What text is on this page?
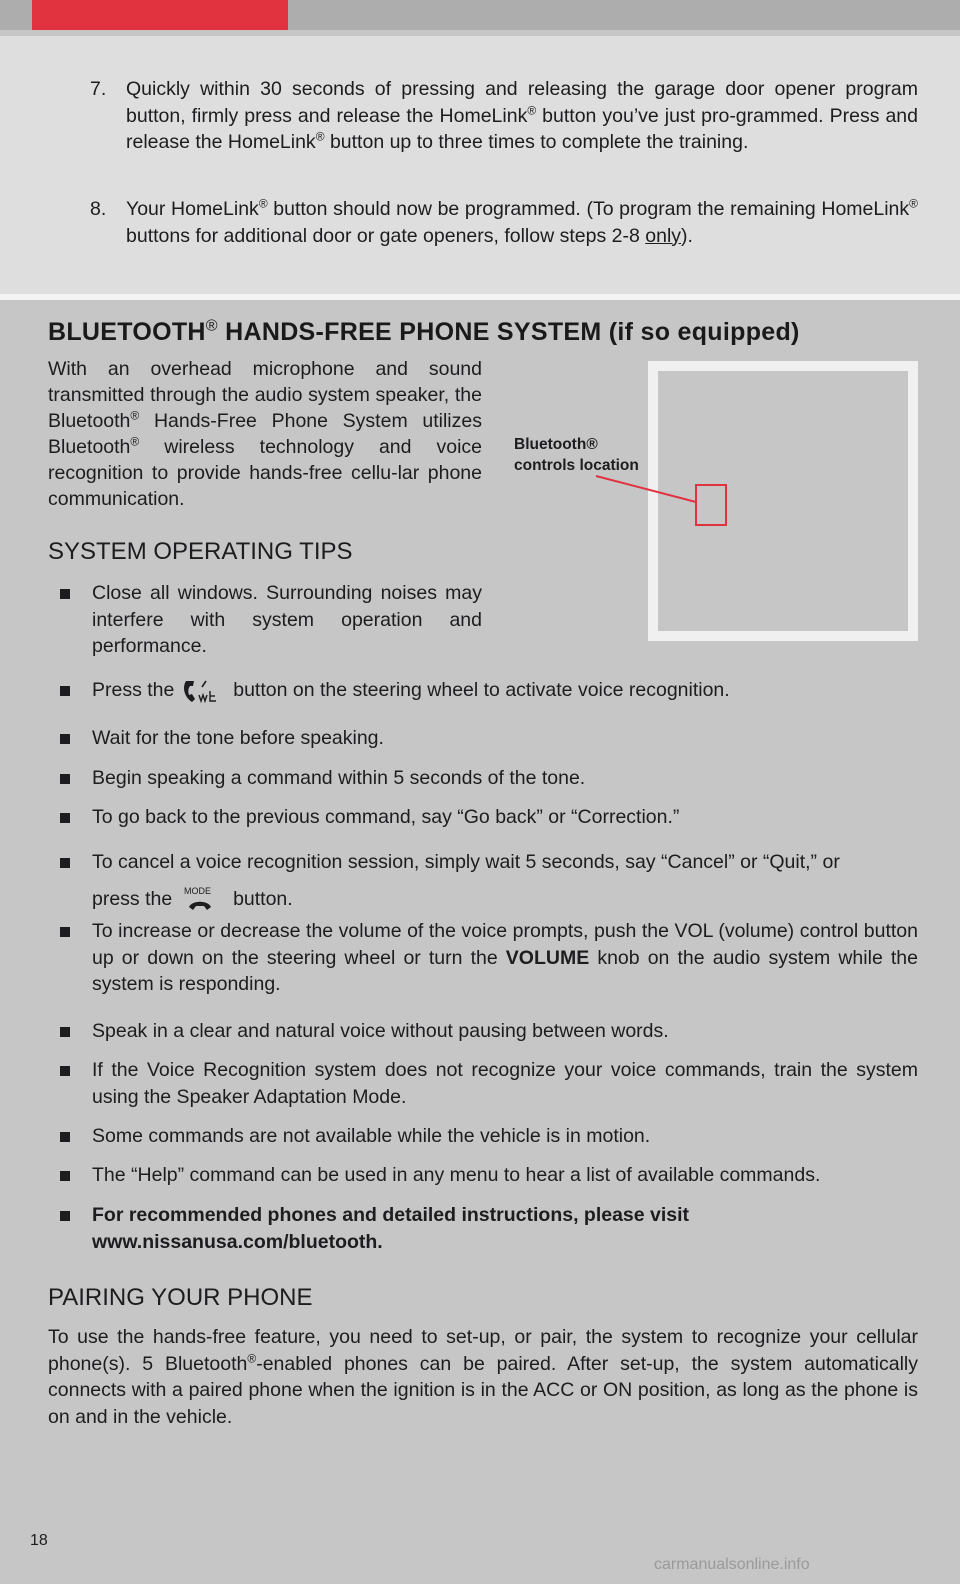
7. Quickly within 30 seconds of pressing and releasing the garage door opener program button, firmly press and release the HomeLink® button you’ve just pro-grammed. Press and release the HomeLink® button up to three times to complete the training.
8. Your HomeLink® button should now be programmed. (To program the remaining HomeLink® buttons for additional door or gate openers, follow steps 2-8 only).
BLUETOOTH® HANDS-FREE PHONE SYSTEM (if so equipped)
With an overhead microphone and sound transmitted through the audio system speaker, the Bluetooth® Hands-Free Phone System utilizes Bluetooth® wireless technology and voice recognition to provide hands-free cellu-lar phone communication.
Bluetooth®
controls location
SYSTEM OPERATING TIPS
Close all windows. Surrounding noises may interfere with system operation and performance.
Press the	button on the steering wheel to activate voice recognition.
Wait for the tone before speaking.
Begin speaking a command within 5 seconds of the tone.
To go back to the previous command, say “Go back” or “Correction.”
To cancel a voice recognition session, simply wait 5 seconds, say “Cancel” or “Quit,” or
press the MODE button.
To increase or decrease the volume of the voice prompts, push the VOL (volume) control button up or down on the steering wheel or turn the VOLUME knob on the audio system while the system is responding.
Speak in a clear and natural voice without pausing between words.
If the Voice Recognition system does not recognize your voice commands, train the system using the Speaker Adaptation Mode.
Some commands are not available while the vehicle is in motion.
The “Help” command can be used in any menu to hear a list of available commands.
For recommended phones and detailed instructions, please visit
www.nissanusa.com/bluetooth.
PAIRING YOUR PHONE
To use the hands-free feature, you need to set-up, or pair, the system to recognize your cellular phone(s). 5 Bluetooth®-enabled phones can be paired. After set-up, the system automatically connects with a paired phone when the ignition is in the ACC or ON position, as long as the phone is on and in the vehicle.
18
carmanualsonline.info
